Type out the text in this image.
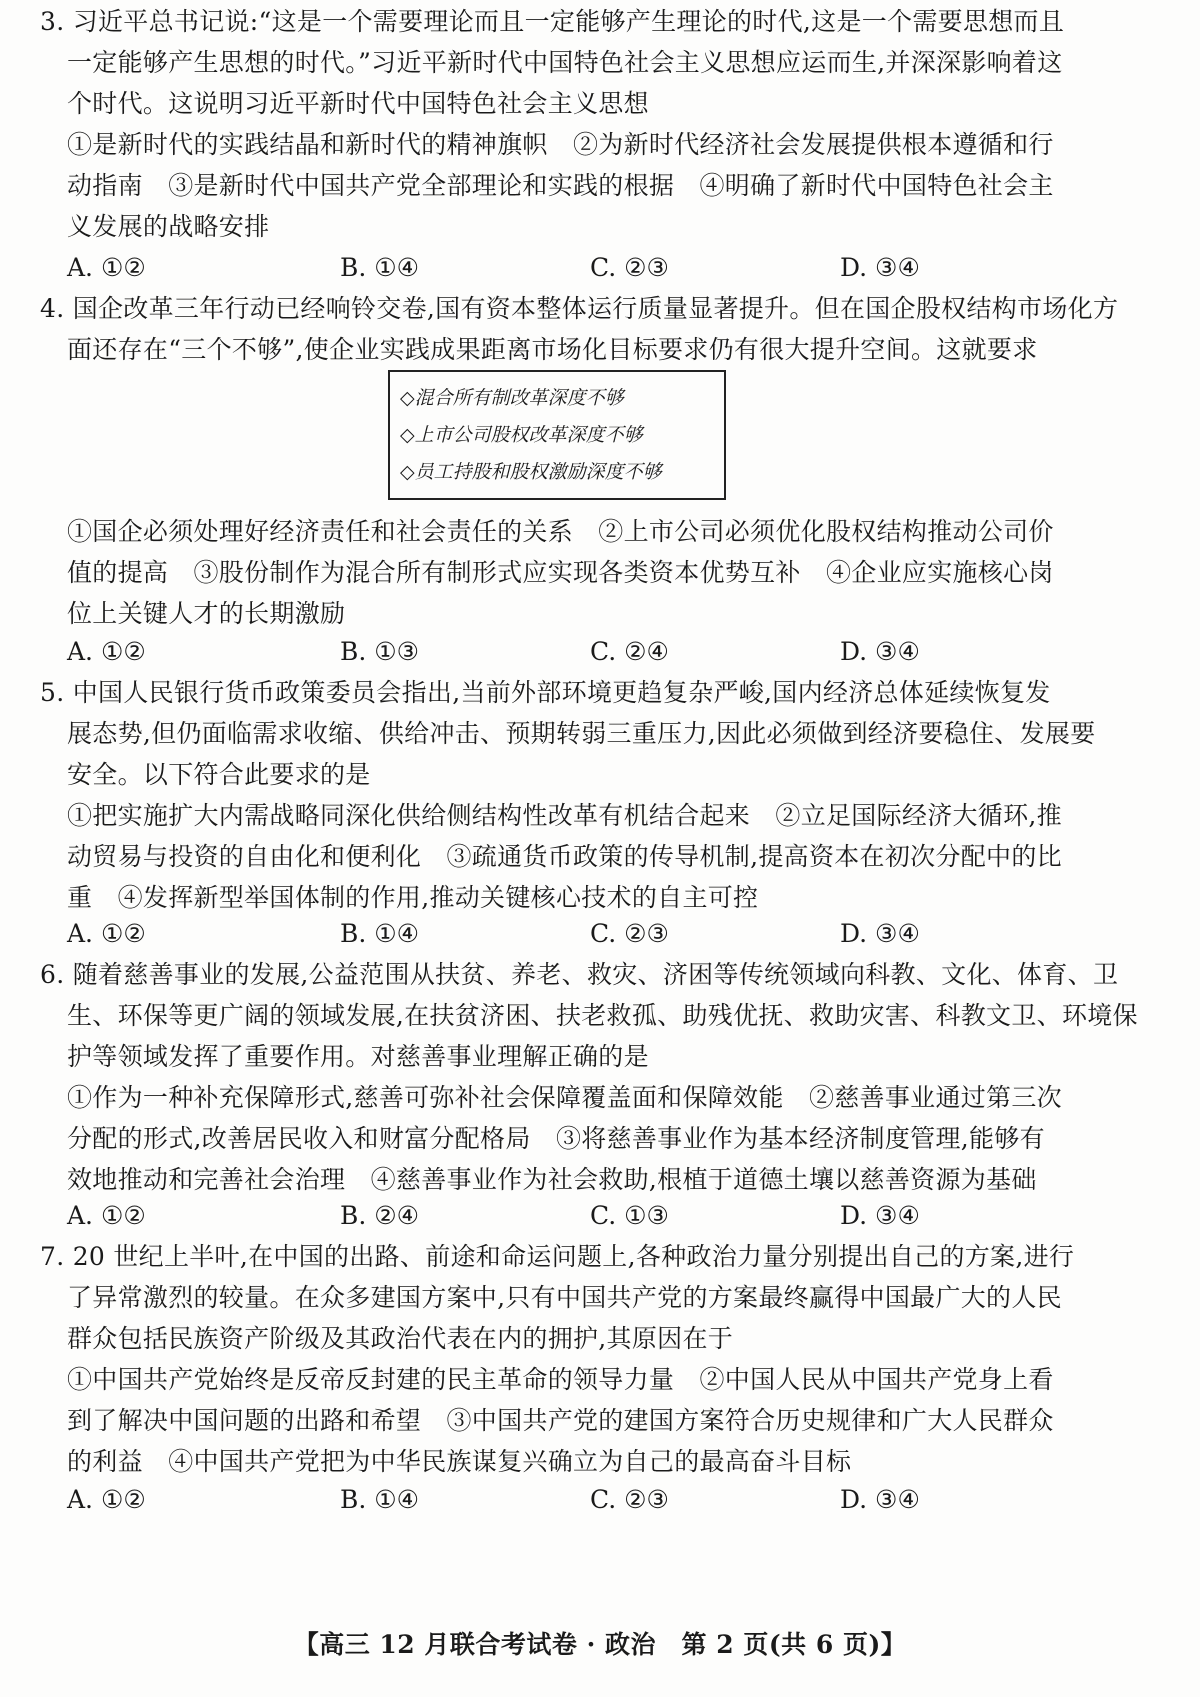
3. 习近平总书记说:“这是一个需要理论而且一定能够产生理论的时代,这是一个需要思想而且
一定能够产生思想的时代。”习近平新时代中国特色社会主义思想应运而生,并深深影响着这
个时代。这说明习近平新时代中国特色社会主义思想
①是新时代的实践结晶和新时代的精神旗帜　②为新时代经济社会发展提供根本遵循和行
动指南　③是新时代中国共产党全部理论和实践的根据　④明确了新时代中国特色社会主
义发展的战略安排
A. ①②	B. ①④	C. ②③	D. ③④
4. 国企改革三年行动已经响铃交卷,国有资本整体运行质量显著提升。但在国企股权结构市场化方
面还存在“三个不够”,使企业实践成果距离市场化目标要求仍有很大提升空间。这就要求
◇混合所有制改革深度不够
◇上市公司股权改革深度不够
◇员工持股和股权激励深度不够
①国企必须处理好经济责任和社会责任的关系　②上市公司必须优化股权结构推动公司价
值的提高　③股份制作为混合所有制形式应实现各类资本优势互补　④企业应实施核心岗
位上关键人才的长期激励
A. ①②	B. ①③	C. ②④	D. ③④
5. 中国人民银行货币政策委员会指出,当前外部环境更趋复杂严峻,国内经济总体延续恢复发
展态势,但仍面临需求收缩、供给冲击、预期转弱三重压力,因此必须做到经济要稳住、发展要
安全。以下符合此要求的是
①把实施扩大内需战略同深化供给侧结构性改革有机结合起来　②立足国际经济大循环,推
动贸易与投资的自由化和便利化　③疏通货币政策的传导机制,提高资本在初次分配中的比
重　④发挥新型举国体制的作用,推动关键核心技术的自主可控
A. ①②	B. ①④	C. ②③	D. ③④
6. 随着慈善事业的发展,公益范围从扶贫、养老、救灾、济困等传统领域向科教、文化、体育、卫
生、环保等更广阔的领域发展,在扶贫济困、扶老救孤、助残优抚、救助灾害、科教文卫、环境保
护等领域发挥了重要作用。对慈善事业理解正确的是
①作为一种补充保障形式,慈善可弥补社会保障覆盖面和保障效能　②慈善事业通过第三次
分配的形式,改善居民收入和财富分配格局　③将慈善事业作为基本经济制度管理,能够有
效地推动和完善社会治理　④慈善事业作为社会救助,根植于道德土壤以慈善资源为基础
A. ①②	B. ②④	C. ①③	D. ③④
7. 20 世纪上半叶,在中国的出路、前途和命运问题上,各种政治力量分别提出自己的方案,进行
了异常激烈的较量。在众多建国方案中,只有中国共产党的方案最终赢得中国最广大的人民
群众包括民族资产阶级及其政治代表在内的拥护,其原因在于
①中国共产党始终是反帝反封建的民主革命的领导力量　②中国人民从中国共产党身上看
到了解决中国问题的出路和希望　③中国共产党的建国方案符合历史规律和广大人民群众
的利益　④中国共产党把为中华民族谋复兴确立为自己的最高奋斗目标
A. ①②	B. ①④	C. ②③	D. ③④
【高三 12 月联合考试卷 · 政治　第 2 页(共 6 页)】
